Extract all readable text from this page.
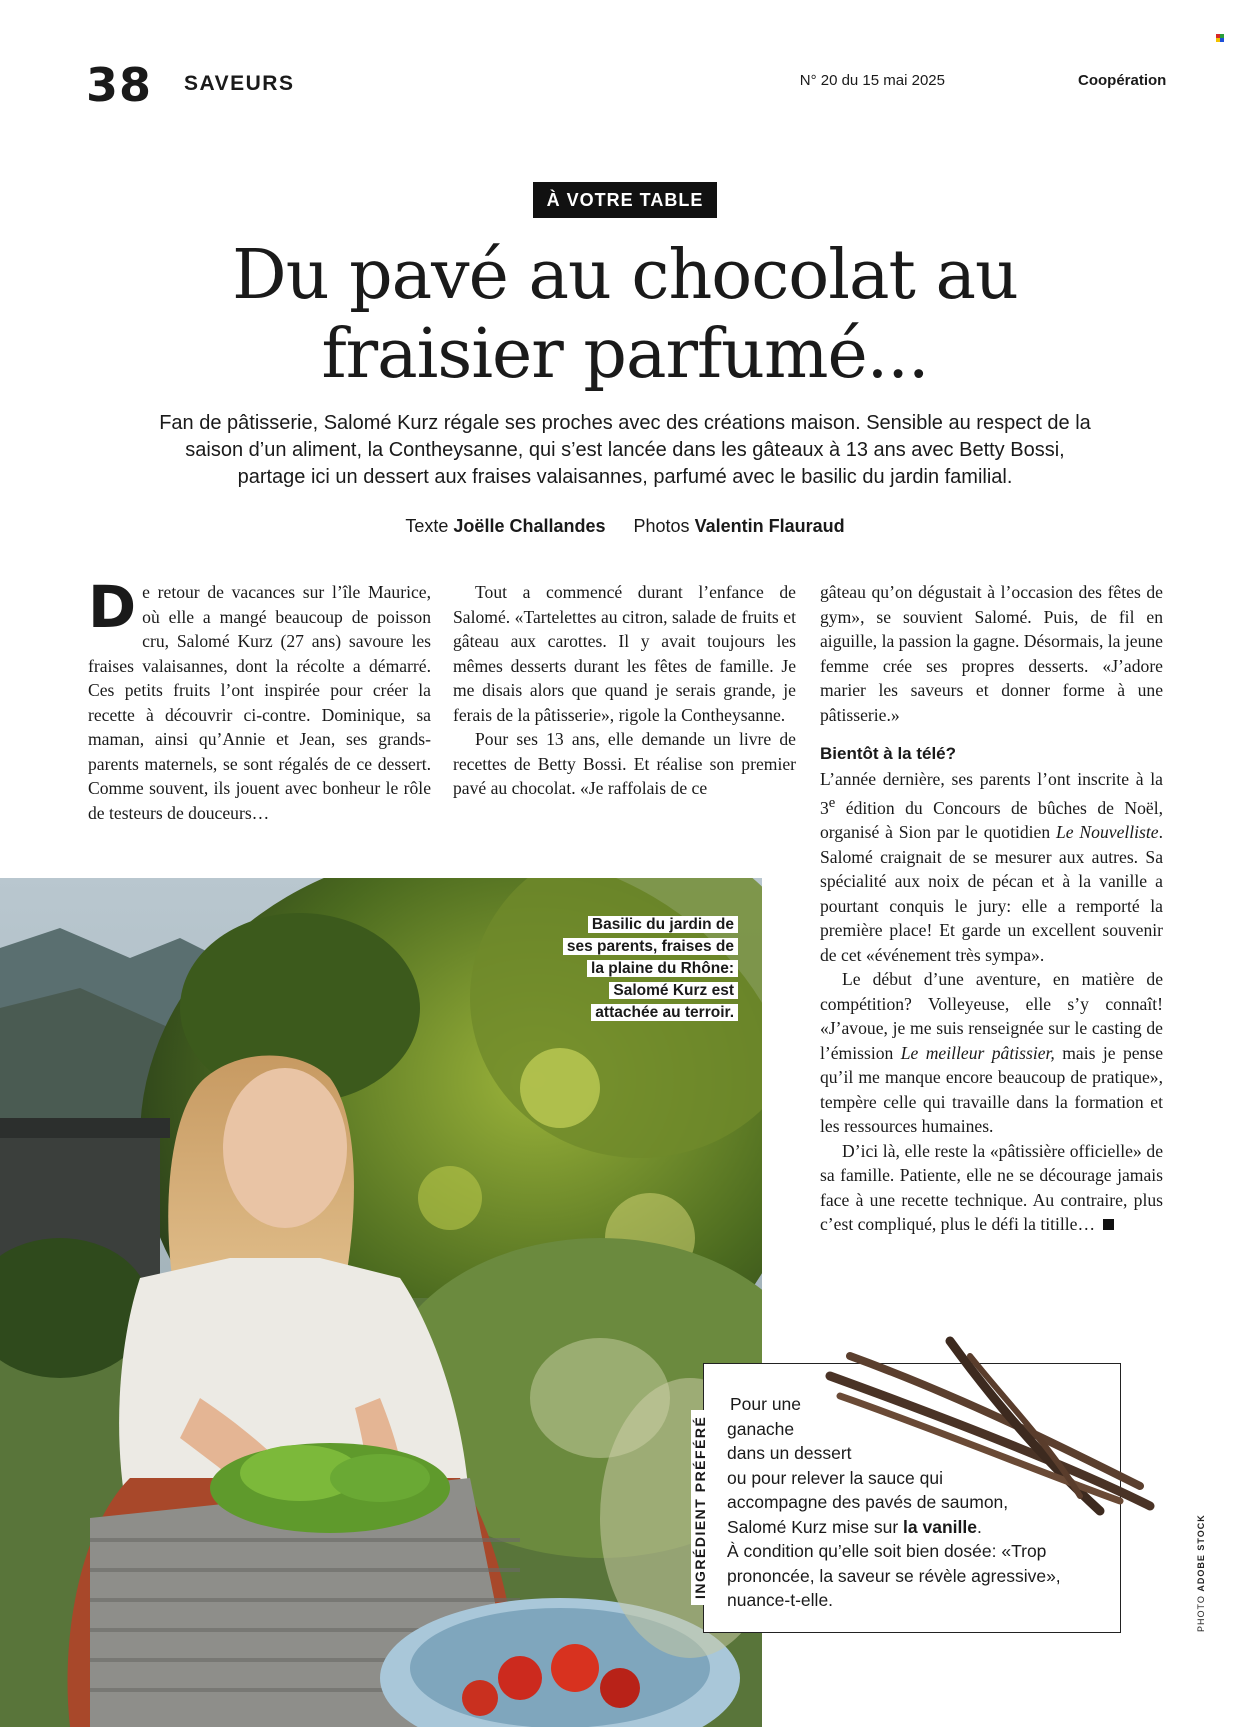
38 SAVEURS	N° 20 du 15 mai 2025	Coopération
À VOTRE TABLE
Du pavé au chocolat au
fraisier parfumé...

Fan de pâtisserie, Salomé Kurz régale ses proches avec des créations maison. Sensible au respect de la saison d’un aliment, la Contheysanne, qui s’est lancée dans les gâteaux à 13 ans avec Betty Bossi, partage ici un dessert aux fraises valaisannes, parfumé avec le basilic du jardin familial.

Texte Joëlle Challandes Photos Valentin Flauraud

De retour de vacances sur l’île Maurice, où elle a mangé beaucoup de poisson cru, Salomé Kurz (27 ans) savoure les fraises valaisannes, dont la récolte a démarré. Ces petits fruits l’ont inspirée pour créer la recette à découvrir ci-contre. Dominique, sa maman, ainsi qu’Annie et Jean, ses grands-parents maternels, se sont régalés de ce dessert. Comme souvent, ils jouent avec bonheur le rôle de testeurs de douceurs…

Tout a commencé durant l’enfance de Salomé. «Tartelettes au citron, salade de fruits et gâteau aux carottes. Il y avait toujours les mêmes desserts durant les fêtes de famille. Je me disais alors que quand je serais grande, je ferais de la pâtisserie», rigole la Contheysanne.

Pour ses 13 ans, elle demande un livre de recettes de Betty Bossi. Et réalise son premier pavé au chocolat. «Je raffolais de ce

gâteau qu’on dégustait à l’occasion des fêtes de gym», se souvient Salomé. Puis, de fil en aiguille, la passion la gagne. Désormais, la jeune femme crée ses propres desserts. «J’adore marier les saveurs et donner forme à une pâtisserie.»

Bientôt à la télé?

L’année dernière, ses parents l’ont inscrite à la 3e édition du Concours de bûches de Noël, organisé à Sion par le quotidien Le Nouvelliste. Salomé craignait de se mesurer aux autres. Sa spécialité aux noix de pécan et à la vanille a pourtant conquis le jury: elle a remporté la première place! Et garde un excellent souvenir de cet «événement très sympa».

Le début d’une aventure, en matière de compétition? Volleyeuse, elle s’y connaît! «J’avoue, je me suis renseignée sur le casting de l’émission Le meilleur pâtissier, mais je pense qu’il me manque encore beaucoup de pratique», tempère celle qui travaille dans la formation et les ressources humaines.

D’ici là, elle reste la «pâtissière officielle» de sa famille. Patiente, elle ne se décourage jamais face à une recette technique. Au contraire, plus c’est compliqué, plus le défi la titille…

Basilic du jardin de
ses parents, fraises de
la plaine du Rhône:
Salomé Kurz est
attachée au terroir.
INGRÉDIENT PRÉFÉRÉ

Pour une
ganache
dans un dessert
ou pour relever la sauce qui
accompagne des pavés de saumon,
Salomé Kurz mise sur la vanille.
À condition qu’elle soit bien dosée: «Trop
prononcée, la saveur se révèle agressive»,
nuance-t-elle.	PHOTO ADOBE STOCK
